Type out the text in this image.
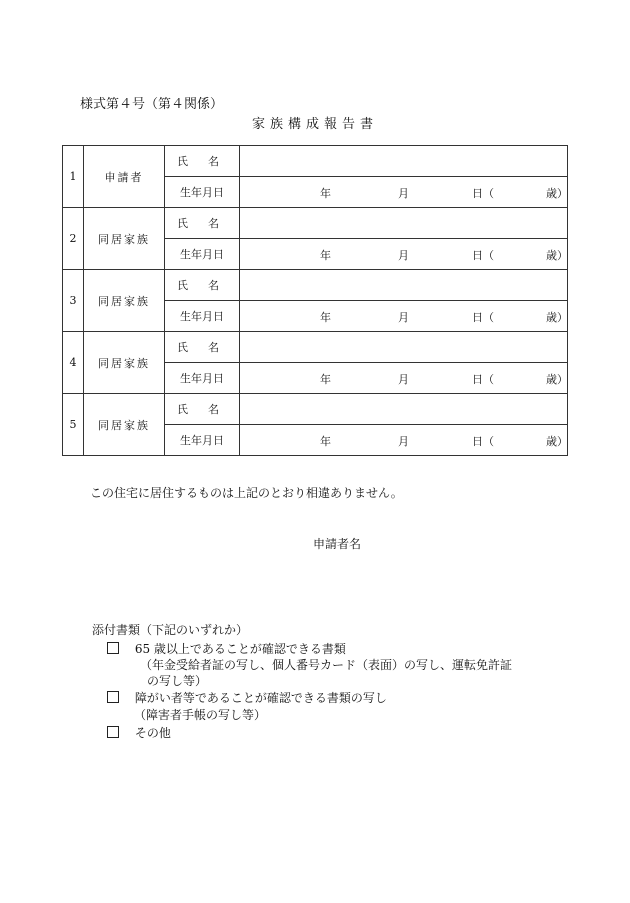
様式第４号（第４関係）
家族構成報告書
1	申請者	氏名	
		生年月日	年 月 日（ 歳）

2	同居家族	氏名	
		生年月日	年 月 日（ 歳）

3	同居家族	氏名	
		生年月日	年 月 日（ 歳）

4	同居家族	氏名	
		生年月日	年 月 日（ 歳）

5	同居家族	氏名	
		生年月日	年 月 日（ 歳）
この住宅に居住するものは上記のとおり相違ありません。
申請者名
添付書類（下記のいずれか）
65 歳以上であることが確認できる書類
（年金受給者証の写し、個人番号カード（表面）の写し、運転免許証
の写し等）
障がい者等であることが確認できる書類の写し
（障害者手帳の写し等）
その他
